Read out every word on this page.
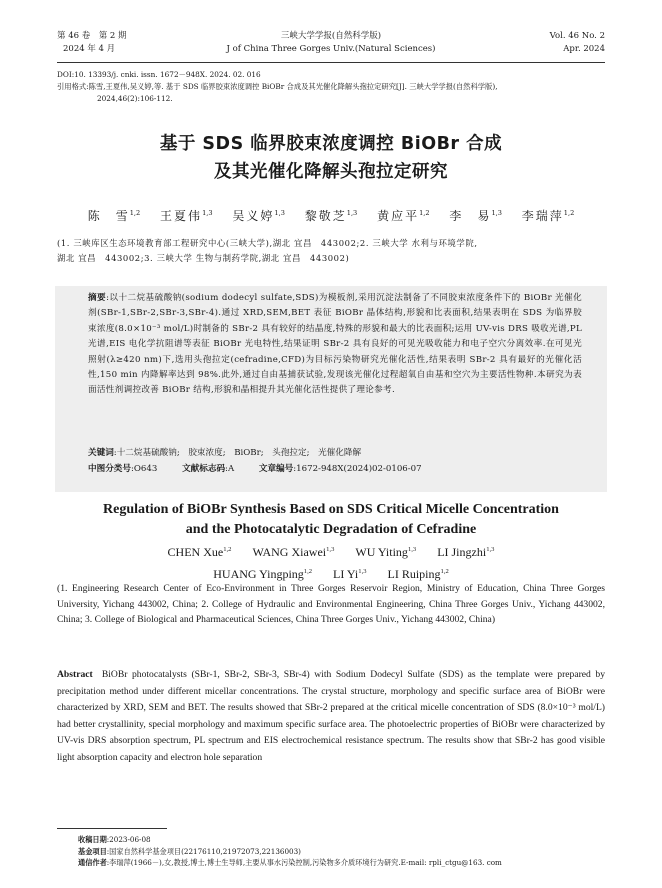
第 46 卷　第 2 期
2024 年 4 月
三峡大学学报(自然科学版)
J of China Three Gorges Univ.(Natural Sciences)
Vol. 46 No. 2
Apr. 2024
DOI:10. 13393/j. cnki. issn. 1672－948X. 2024. 02. 016
引用格式:陈雪,王夏伟,吴义婷,等. 基于 SDS 临界胶束浓度调控 BiOBr 合成及其光催化降解头孢拉定研究[J]. 三峡大学学报(自然科学版),
2024,46(2):106-112.
基于 SDS 临界胶束浓度调控 BiOBr 合成
及其光催化降解头孢拉定研究
陈　雪$^{1,2}$ 王夏伟$^{1,3}$ 吴义婷$^{1,3}$ 黎敬芝$^{1,3}$ 黄应平$^{1,2}$ 李　易$^{1,3}$ 李瑞萍$^{1,2}$
(1. 三峡库区生态环境教育部工程研究中心(三峡大学),湖北 宜昌　443002;2. 三峡大学 水利与环境学院,
湖北 宜昌　443002;3. 三峡大学 生物与制药学院,湖北 宜昌　443002)
摘要:以十二烷基硫酸钠(sodium dodecyl sulfate,SDS)为模板剂,采用沉淀法制备了不同胶束浓度条件下的 BiOBr 光催化剂(SBr-1,SBr-2,SBr-3,SBr-4).通过 XRD,SEM,BET 表征 BiOBr 晶体结构,形貌和比表面积,结果表明在 SDS 为临界胶束浓度(8.0×10⁻³ mol/L)时制备的 SBr-2 具有较好的结晶度,特殊的形貌和最大的比表面积;运用 UV-vis DRS 吸收光谱,PL 光谱,EIS 电化学抗阻谱等表征 BiOBr 光电特性,结果证明 SBr-2 具有良好的可见光吸收能力和电子空穴分离效率.在可见光照射(λ≥420 nm)下,选用头孢拉定(cefradine,CFD)为目标污染物研究光催化活性,结果表明 SBr-2 具有最好的光催化活性,150 min 内降解率达到 98%.此外,通过自由基捕获试验,发现该光催化过程超氧自由基和空穴为主要活性物种.本研究为表面活性剂调控改善 BiOBr 结构,形貌和晶相提升其光催化活性提供了理论参考.
关键词:十二烷基硫酸钠;　胶束浓度;　BiOBr;　头孢拉定;　光催化降解
中图分类号:O643	文献标志码:A	文章编号:1672-948X(2024)02-0106-07
Regulation of BiOBr Synthesis Based on SDS Critical Micelle Concentration
and the Photocatalytic Degradation of Cefradine
CHEN Xue$^{1,2}$ WANG Xiawei$^{1,3}$ WU Yiting$^{1,3}$ LI Jingzhi$^{1,3}$
HUANG Yingping$^{1,2}$ LI Yi$^{1,3}$ LI Ruiping$^{1,2}$
(1. Engineering Research Center of Eco-Environment in Three Gorges Reservoir Region, Ministry of Education, China Three Gorges University, Yichang 443002, China; 2. College of Hydraulic and Environmental Engineering, China Three Gorges Univ., Yichang 443002, China; 3. College of Biological and Pharmaceutical Sciences, China Three Gorges Univ., Yichang 443002, China)
Abstract BiOBr photocatalysts (SBr-1, SBr-2, SBr-3, SBr-4) with Sodium Dodecyl Sulfate (SDS) as the template were prepared by precipitation method under different micellar concentrations. The crystal structure, morphology and specific surface area of BiOBr were characterized by XRD, SEM and BET. The results showed that SBr-2 prepared at the critical micelle concentration of SDS (8.0×10⁻³ mol/L) had better crystallinity, special morphology and maximum specific surface area. The photoelectric properties of BiOBr were characterized by UV-vis DRS absorption spectrum, PL spectrum and EIS electrochemical resistance spectrum. The results show that SBr-2 has good visible light absorption capacity and electron hole separation
收稿日期:2023-06-08
基金项目:国家自然科学基金项目(22176110,21972073,22136003)
通信作者:李瑞萍(1966－),女,教授,博士,博士生导师,主要从事水污染控制,污染物多介质环境行为研究.E-mail: rpli_ctgu@163. com
